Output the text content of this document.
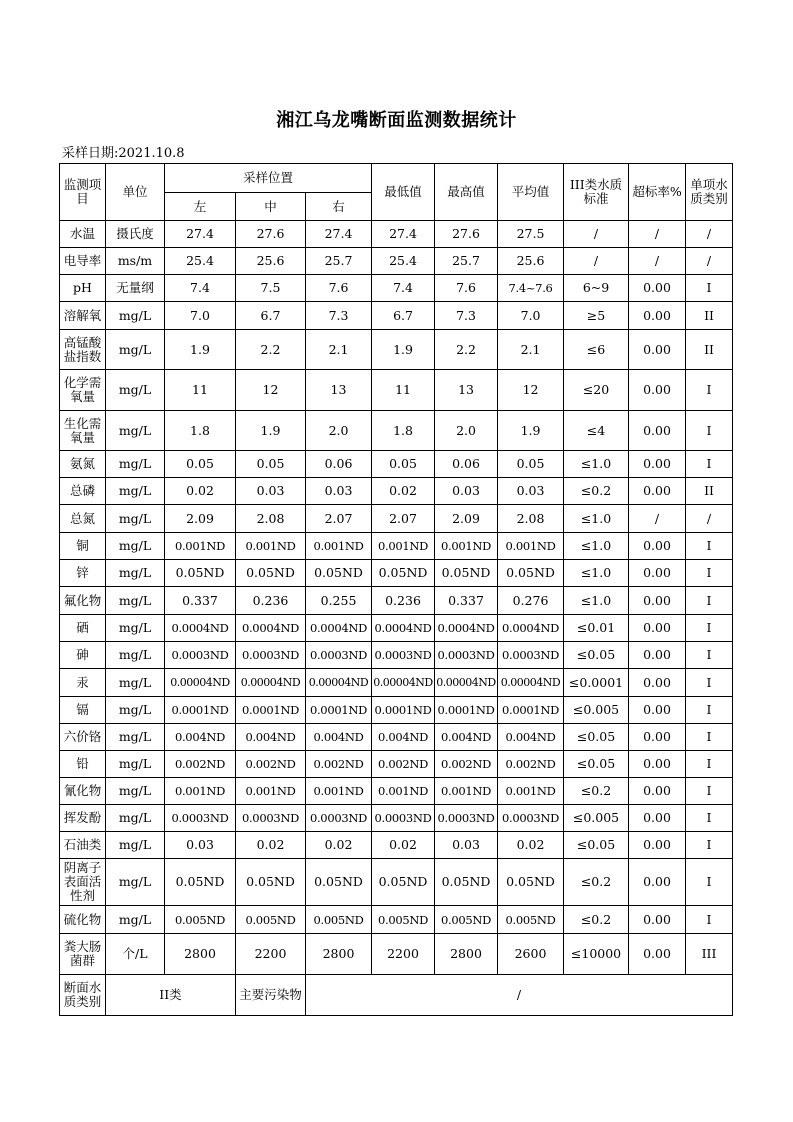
湘江乌龙嘴断面监测数据统计
采样日期:2021.10.8
监测项目	单位	采样位置			最低值	最高值	平均值	III类水质标准	超标率%	单项水质类别
		左	中	右						
水温	摄氏度	27.4	27.6	27.4	27.4	27.6	27.5	/	/	/
电导率	ms/m	25.4	25.6	25.7	25.4	25.7	25.6	/	/	/
pH	无量纲	7.4	7.5	7.6	7.4	7.6	7.4~7.6	6~9	0.00	I
溶解氧	mg/L	7.0	6.7	7.3	6.7	7.3	7.0	≥5	0.00	II
高锰酸盐指数	mg/L	1.9	2.2	2.1	1.9	2.2	2.1	≤6	0.00	II
化学需氧量	mg/L	11	12	13	11	13	12	≤20	0.00	I
生化需氧量	mg/L	1.8	1.9	2.0	1.8	2.0	1.9	≤4	0.00	I
氨氮	mg/L	0.05	0.05	0.06	0.05	0.06	0.05	≤1.0	0.00	I
总磷	mg/L	0.02	0.03	0.03	0.02	0.03	0.03	≤0.2	0.00	II
总氮	mg/L	2.09	2.08	2.07	2.07	2.09	2.08	≤1.0	/	/
铜	mg/L	0.001ND	0.001ND	0.001ND	0.001ND	0.001ND	0.001ND	≤1.0	0.00	I
锌	mg/L	0.05ND	0.05ND	0.05ND	0.05ND	0.05ND	0.05ND	≤1.0	0.00	I
氟化物	mg/L	0.337	0.236	0.255	0.236	0.337	0.276	≤1.0	0.00	I
硒	mg/L	0.0004ND	0.0004ND	0.0004ND	0.0004ND	0.0004ND	0.0004ND	≤0.01	0.00	I
砷	mg/L	0.0003ND	0.0003ND	0.0003ND	0.0003ND	0.0003ND	0.0003ND	≤0.05	0.00	I
汞	mg/L	0.00004ND	0.00004ND	0.00004ND	0.00004ND	0.00004ND	0.00004ND	≤0.0001	0.00	I
镉	mg/L	0.0001ND	0.0001ND	0.0001ND	0.0001ND	0.0001ND	0.0001ND	≤0.005	0.00	I
六价铬	mg/L	0.004ND	0.004ND	0.004ND	0.004ND	0.004ND	0.004ND	≤0.05	0.00	I
铅	mg/L	0.002ND	0.002ND	0.002ND	0.002ND	0.002ND	0.002ND	≤0.05	0.00	I
氰化物	mg/L	0.001ND	0.001ND	0.001ND	0.001ND	0.001ND	0.001ND	≤0.2	0.00	I
挥发酚	mg/L	0.0003ND	0.0003ND	0.0003ND	0.0003ND	0.0003ND	0.0003ND	≤0.005	0.00	I
石油类	mg/L	0.03	0.02	0.02	0.02	0.03	0.02	≤0.05	0.00	I
阴离子表面活性剂	mg/L	0.05ND	0.05ND	0.05ND	0.05ND	0.05ND	0.05ND	≤0.2	0.00	I
硫化物	mg/L	0.005ND	0.005ND	0.005ND	0.005ND	0.005ND	0.005ND	≤0.2	0.00	I
粪大肠菌群	个/L	2800	2200	2800	2200	2800	2600	≤10000	0.00	III
断面水质类别	II类		主要污染物	/						
